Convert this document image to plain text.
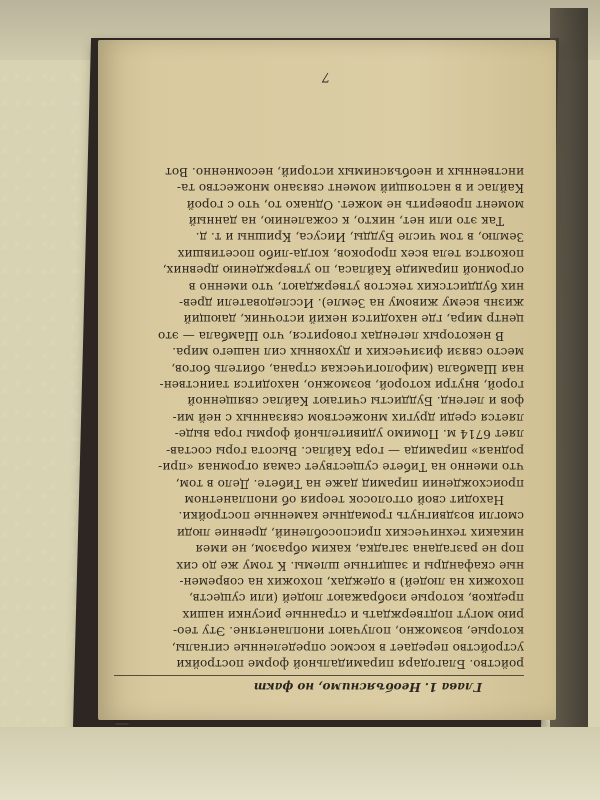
Глава 1. Необъяснимо, но факт
ройство. Благодаря пирамидальной форме постройки
устройство передает в космос определенные сигналы,
которые, возможно, получают инопланетяне. Эту тео-
рию могут подтверждать и странные рисунки наших
предков, которые изображают людей (или существ,
похожих на людей) в одеждах, похожих на современ-
ные скафандры и защитные шлемы. К тому же до сих
пор не разгадана загадка, каким образом, не имея
никаких технических приспособлений, древние люди
смогли воздвигнуть громадные каменные постройки.
Находит свой отголосок теория об инопланетном
происхождении пирамид даже на Тибете. Дело в том,
что именно на Тибете существует самая огромная «при-
родная» пирамида — гора Кайлас. Высота горы состав-
ляет 6714 м. Помимо удивительной формы гора выде-
ляется среди других множеством связанных с ней ми-
фов и легенд. Буддисты считают Кайлас священной
горой, внутри которой, возможно, находится таинствен-
ная Шамбала (мифологическая страна, обитель богов,
место связи физических и духовных сил нашего мира.
В некоторых легендах говорится, что Шамбала — это
центр мира, где находится некий источник, дающий
жизнь всему живому на Земле). Исследователи древ-
них буддистских текстов утверждают, что именно в
огромной пирамиде Кайласа, по утверждению древних,
покоятся тела всех пророков, когда-либо посетивших
Землю, в том числе Будды, Иисуса, Кришны и т. д.
Так это или нет, никто, к сожалению, на данный
момент проверить не может. Однако то, что с горой
Кайлас и в настоящий момент связано множество та-
инственных и необъяснимых историй, несомненно. Вот
7
